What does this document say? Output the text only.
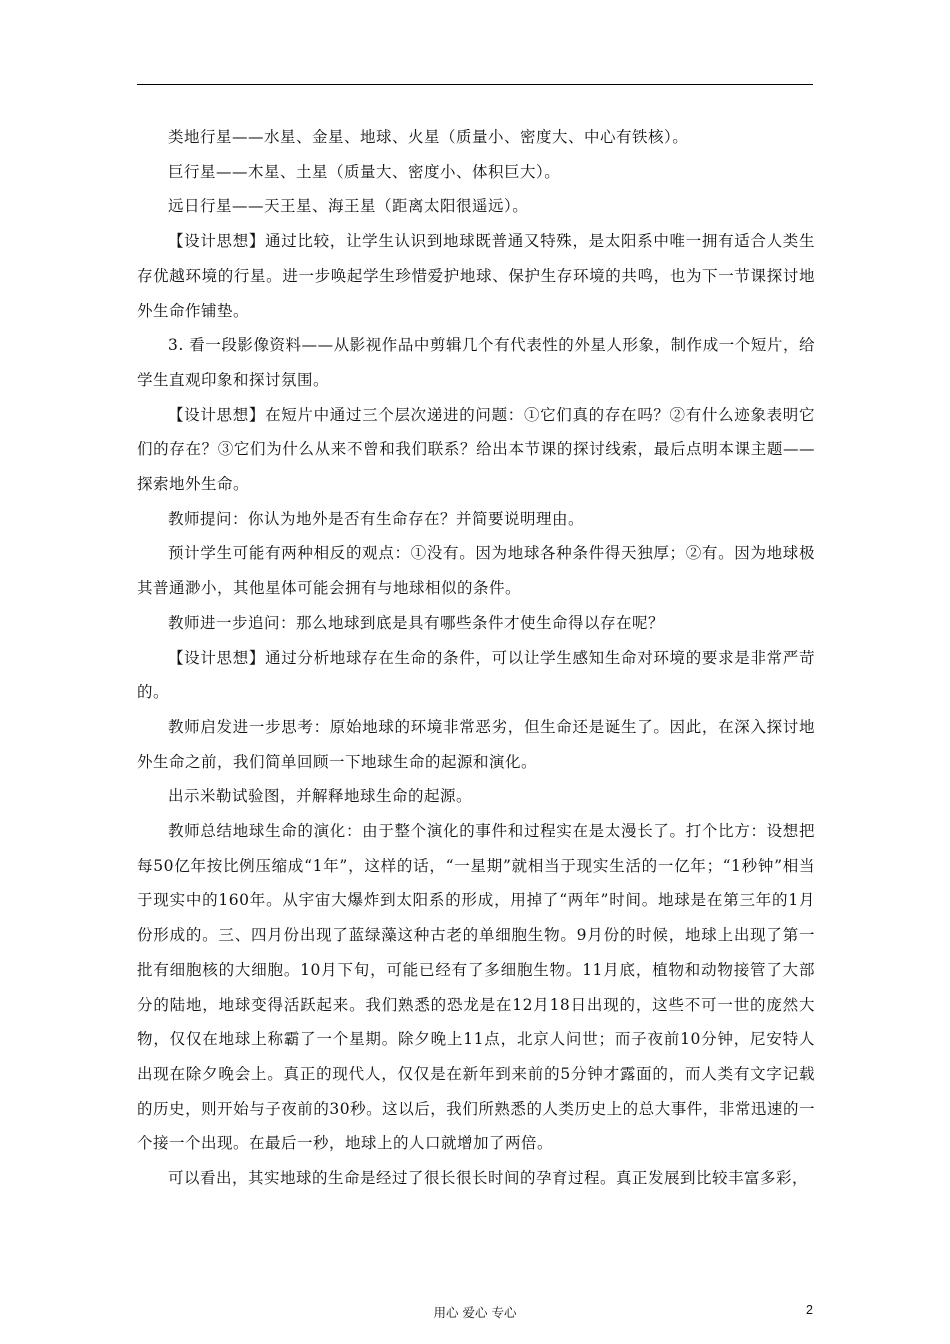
类地行星——水星、金星、地球、火星（质量小、密度大、中心有铁核）。

巨行星——木星、土星（质量大、密度小、体积巨大）。

远日行星——天王星、海王星（距离太阳很遥远）。

【设计思想】通过比较，让学生认识到地球既普通又特殊，是太阳系中唯一拥有适合人类生存优越环境的行星。进一步唤起学生珍惜爱护地球、保护生存环境的共鸣，也为下一节课探讨地外生命作铺垫。

3. 看一段影像资料——从影视作品中剪辑几个有代表性的外星人形象，制作成一个短片，给学生直观印象和探讨氛围。

【设计思想】在短片中通过三个层次递进的问题：①它们真的存在吗？②有什么迹象表明它们的存在？③它们为什么从来不曾和我们联系？给出本节课的探讨线索，最后点明本课主题——探索地外生命。

教师提问：你认为地外是否有生命存在？并简要说明理由。

预计学生可能有两种相反的观点：①没有。因为地球各种条件得天独厚；②有。因为地球极其普通渺小，其他星体可能会拥有与地球相似的条件。

教师进一步追问：那么地球到底是具有哪些条件才使生命得以存在呢？

【设计思想】通过分析地球存在生命的条件，可以让学生感知生命对环境的要求是非常严苛的。

教师启发进一步思考：原始地球的环境非常恶劣，但生命还是诞生了。因此，在深入探讨地外生命之前，我们简单回顾一下地球生命的起源和演化。

出示米勒试验图，并解释地球生命的起源。

教师总结地球生命的演化：由于整个演化的事件和过程实在是太漫长了。打个比方：设想把每50亿年按比例压缩成“1年”，这样的话，“一星期”就相当于现实生活的一亿年；“1秒钟”相当于现实中的160年。从宇宙大爆炸到太阳系的形成，用掉了“两年”时间。地球是在第三年的1月份形成的。三、四月份出现了蓝绿藻这种古老的单细胞生物。9月份的时候，地球上出现了第一批有细胞核的大细胞。10月下旬，可能已经有了多细胞生物。11月底，植物和动物接管了大部分的陆地，地球变得活跃起来。我们熟悉的恐龙是在12月18日出现的，这些不可一世的庞然大物，仅仅在地球上称霸了一个星期。除夕晚上11点，北京人问世；而子夜前10分钟，尼安特人出现在除夕晚会上。真正的现代人，仅仅是在新年到来前的5分钟才露面的，而人类有文字记载的历史，则开始与子夜前的30秒。这以后，我们所熟悉的人类历史上的总大事件，非常迅速的一个接一个出现。在最后一秒，地球上的人口就增加了两倍。

可以看出，其实地球的生命是经过了很长很长时间的孕育过程。真正发展到比较丰富多彩，

用心 爱心 专心	2
